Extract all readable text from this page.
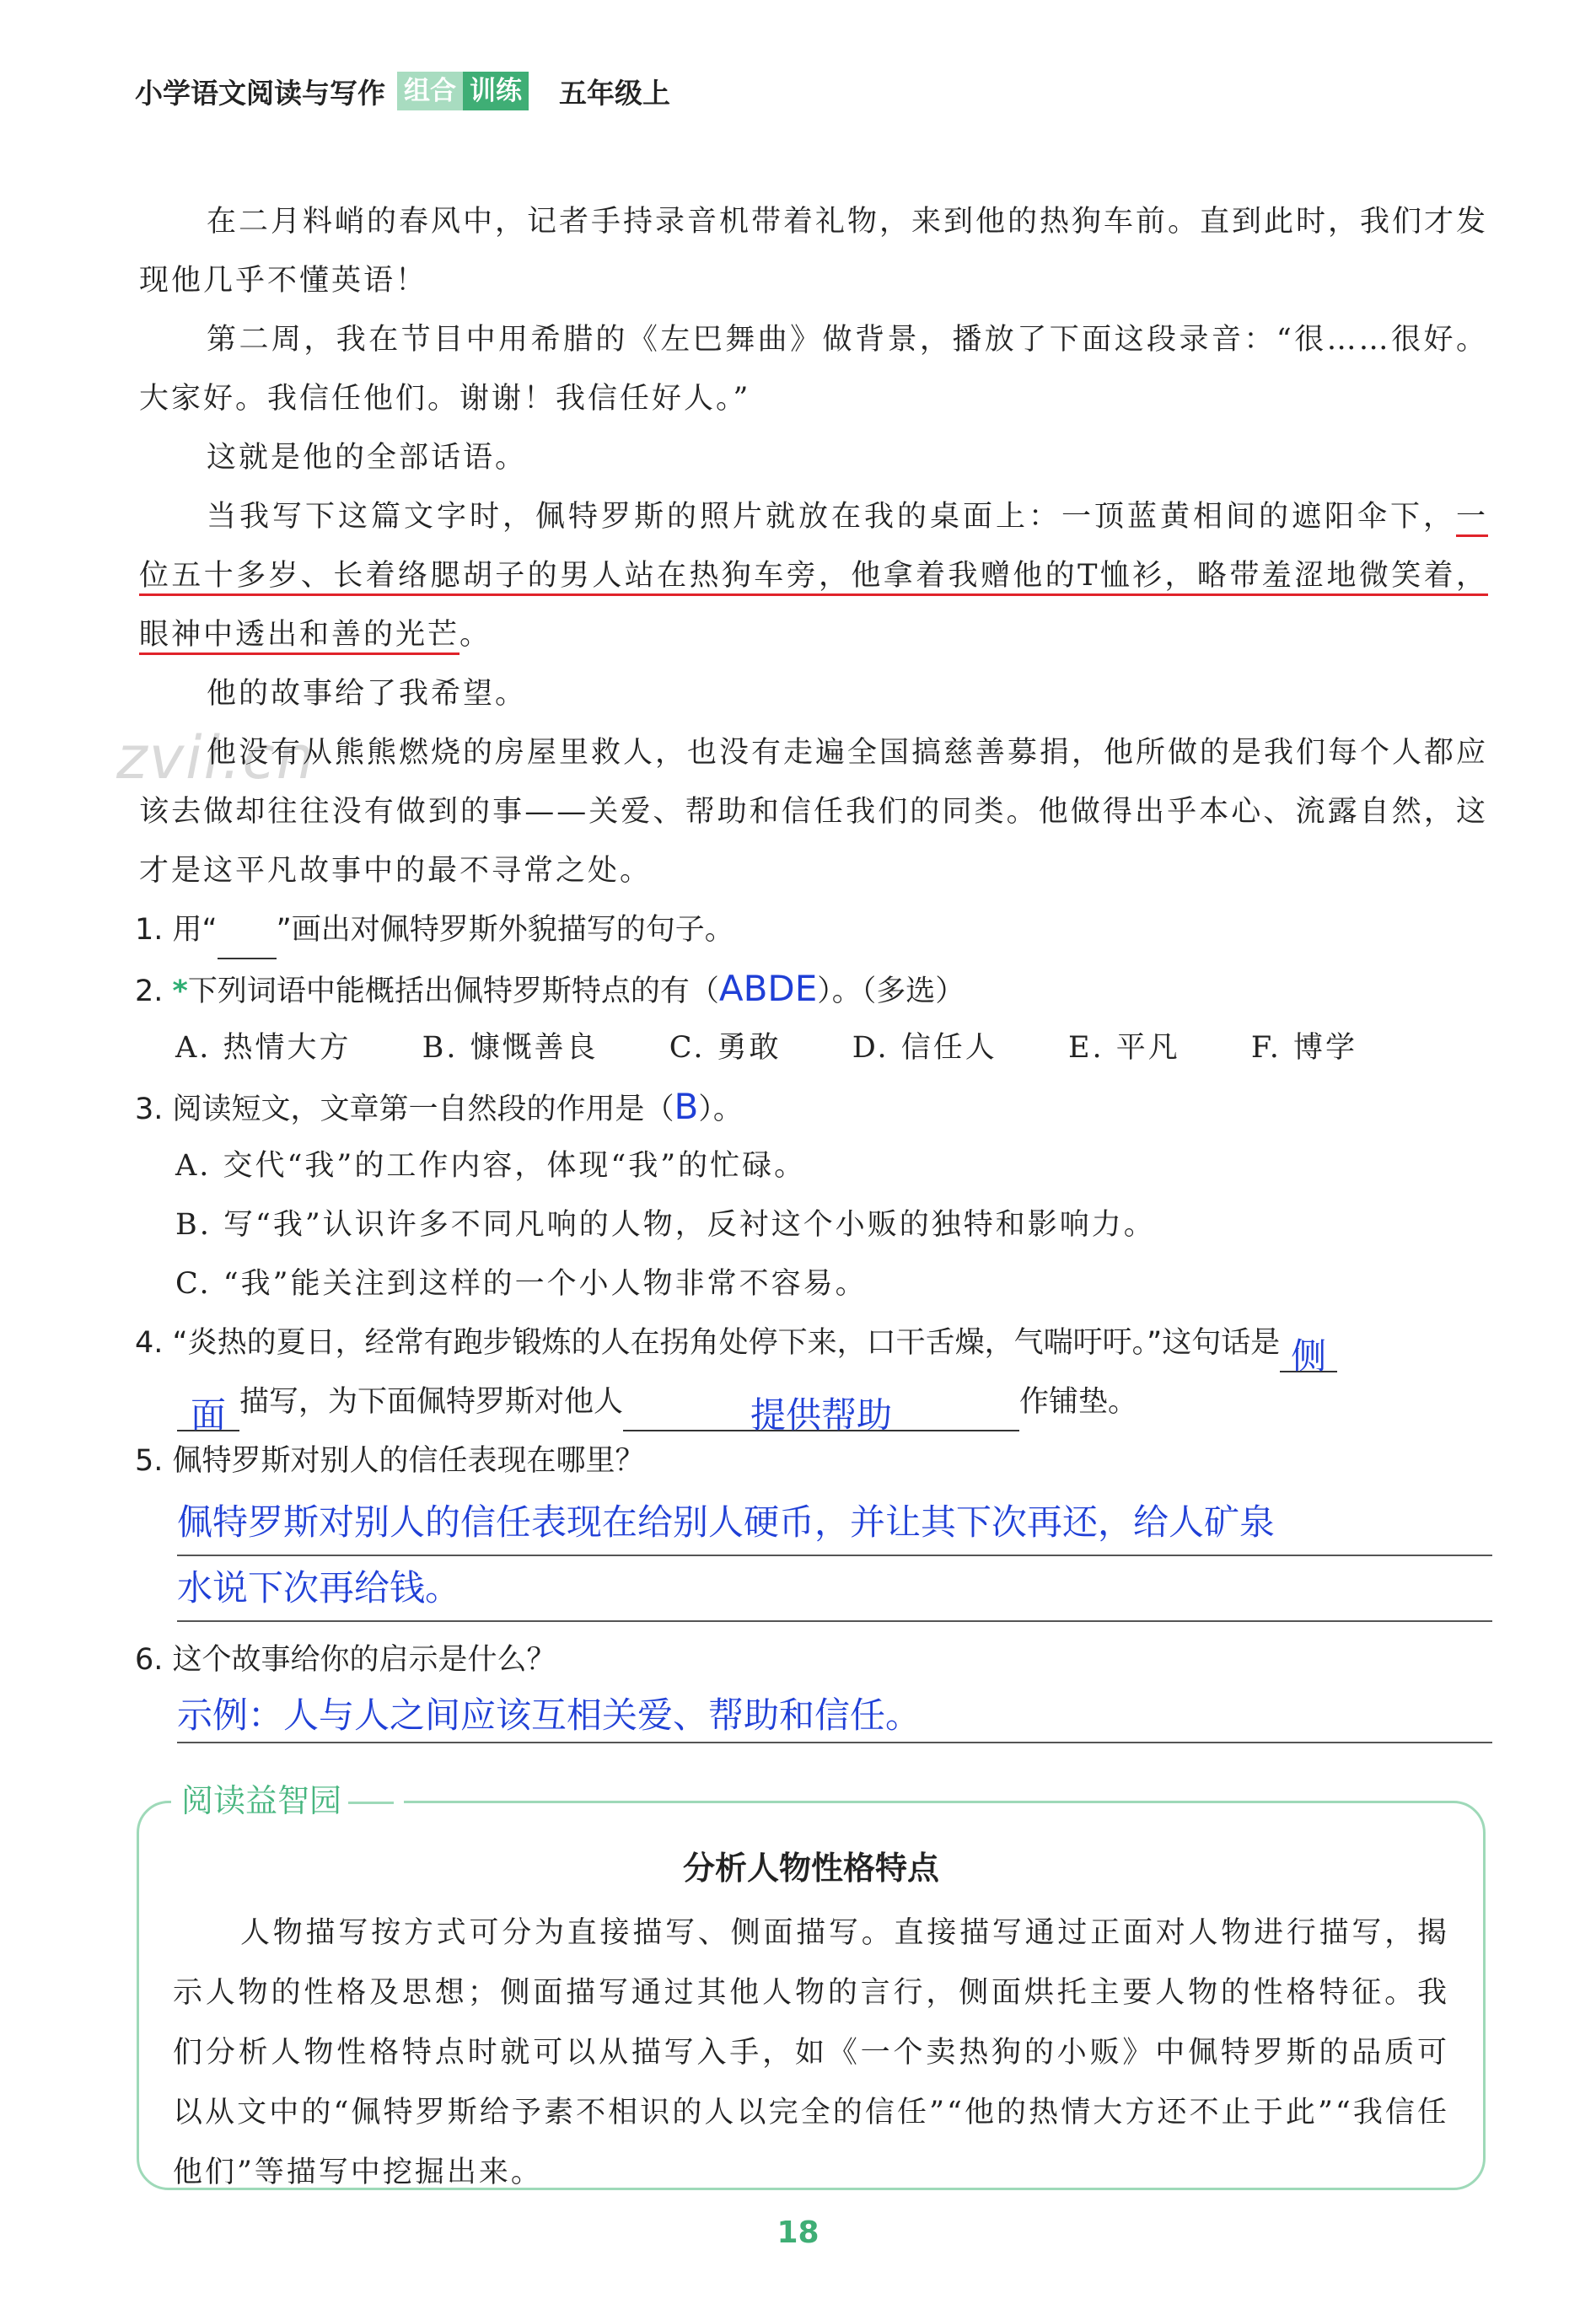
小学语文阅读与写作 组合 训练 五年级上
zvil.cn

在二月料峭的春风中，记者手持录音机带着礼物，来到他的热狗车前。直到此时，我们才发现他几乎不懂英语！

第二周，我在节目中用希腊的《左巴舞曲》做背景，播放了下面这段录音：“很……很好。大家好。我信任他们。谢谢！我信任好人。”

这就是他的全部话语。

当我写下这篇文字时，佩特罗斯的照片就放在我的桌面上：一顶蓝黄相间的遮阳伞下，一位五十多岁、长着络腮胡子的男人站在热狗车旁，他拿着我赠他的T恤衫，略带羞涩地微笑着，眼神中透出和善的光芒。

他的故事给了我希望。

他没有从熊熊燃烧的房屋里救人，也没有走遍全国搞慈善募捐，他所做的是我们每个人都应该去做却往往没有做到的事——关爱、帮助和信任我们的同类。他做得出乎本心、流露自然，这才是这平凡故事中的最不寻常之处。

1. 用“ ”画出对佩特罗斯外貌描写的句子。
2. *下列词语中能概括出佩特罗斯特点的有（ABDE）。（多选）
A. 热情大方 B. 慷慨善良 C. 勇敢 D. 信任人 E. 平凡 F. 博学
3. 阅读短文，文章第一自然段的作用是（B）。
A. 交代“我”的工作内容，体现“我”的忙碌。
B. 写“我”认识许多不同凡响的人物，反衬这个小贩的独特和影响力。
C. “我”能关注到这样的一个小人物非常不容易。
4. “炎热的夏日，经常有跑步锻炼的人在拐角处停下来，口干舌燥，气喘吁吁。”这句话是 侧
面 描写，为下面佩特罗斯对他人	提供帮助	作铺垫。
5. 佩特罗斯对别人的信任表现在哪里？
佩特罗斯对别人的信任表现在给别人硬币，并让其下次再还，给人矿泉
水说下次再给钱。
6. 这个故事给你的启示是什么？
示例：人与人之间应该互相关爱、帮助和信任。
阅读益智园
分析人物性格特点
人物描写按方式可分为直接描写、侧面描写。直接描写通过正面对人物进行描写，揭示人物的性格及思想；侧面描写通过其他人物的言行，侧面烘托主要人物的性格特征。我们分析人物性格特点时就可以从描写入手，如《一个卖热狗的小贩》中佩特罗斯的品质可以从文中的“佩特罗斯给予素不相识的人以完全的信任”“他的热情大方还不止于此”“我信任他们”等描写中挖掘出来。
18
